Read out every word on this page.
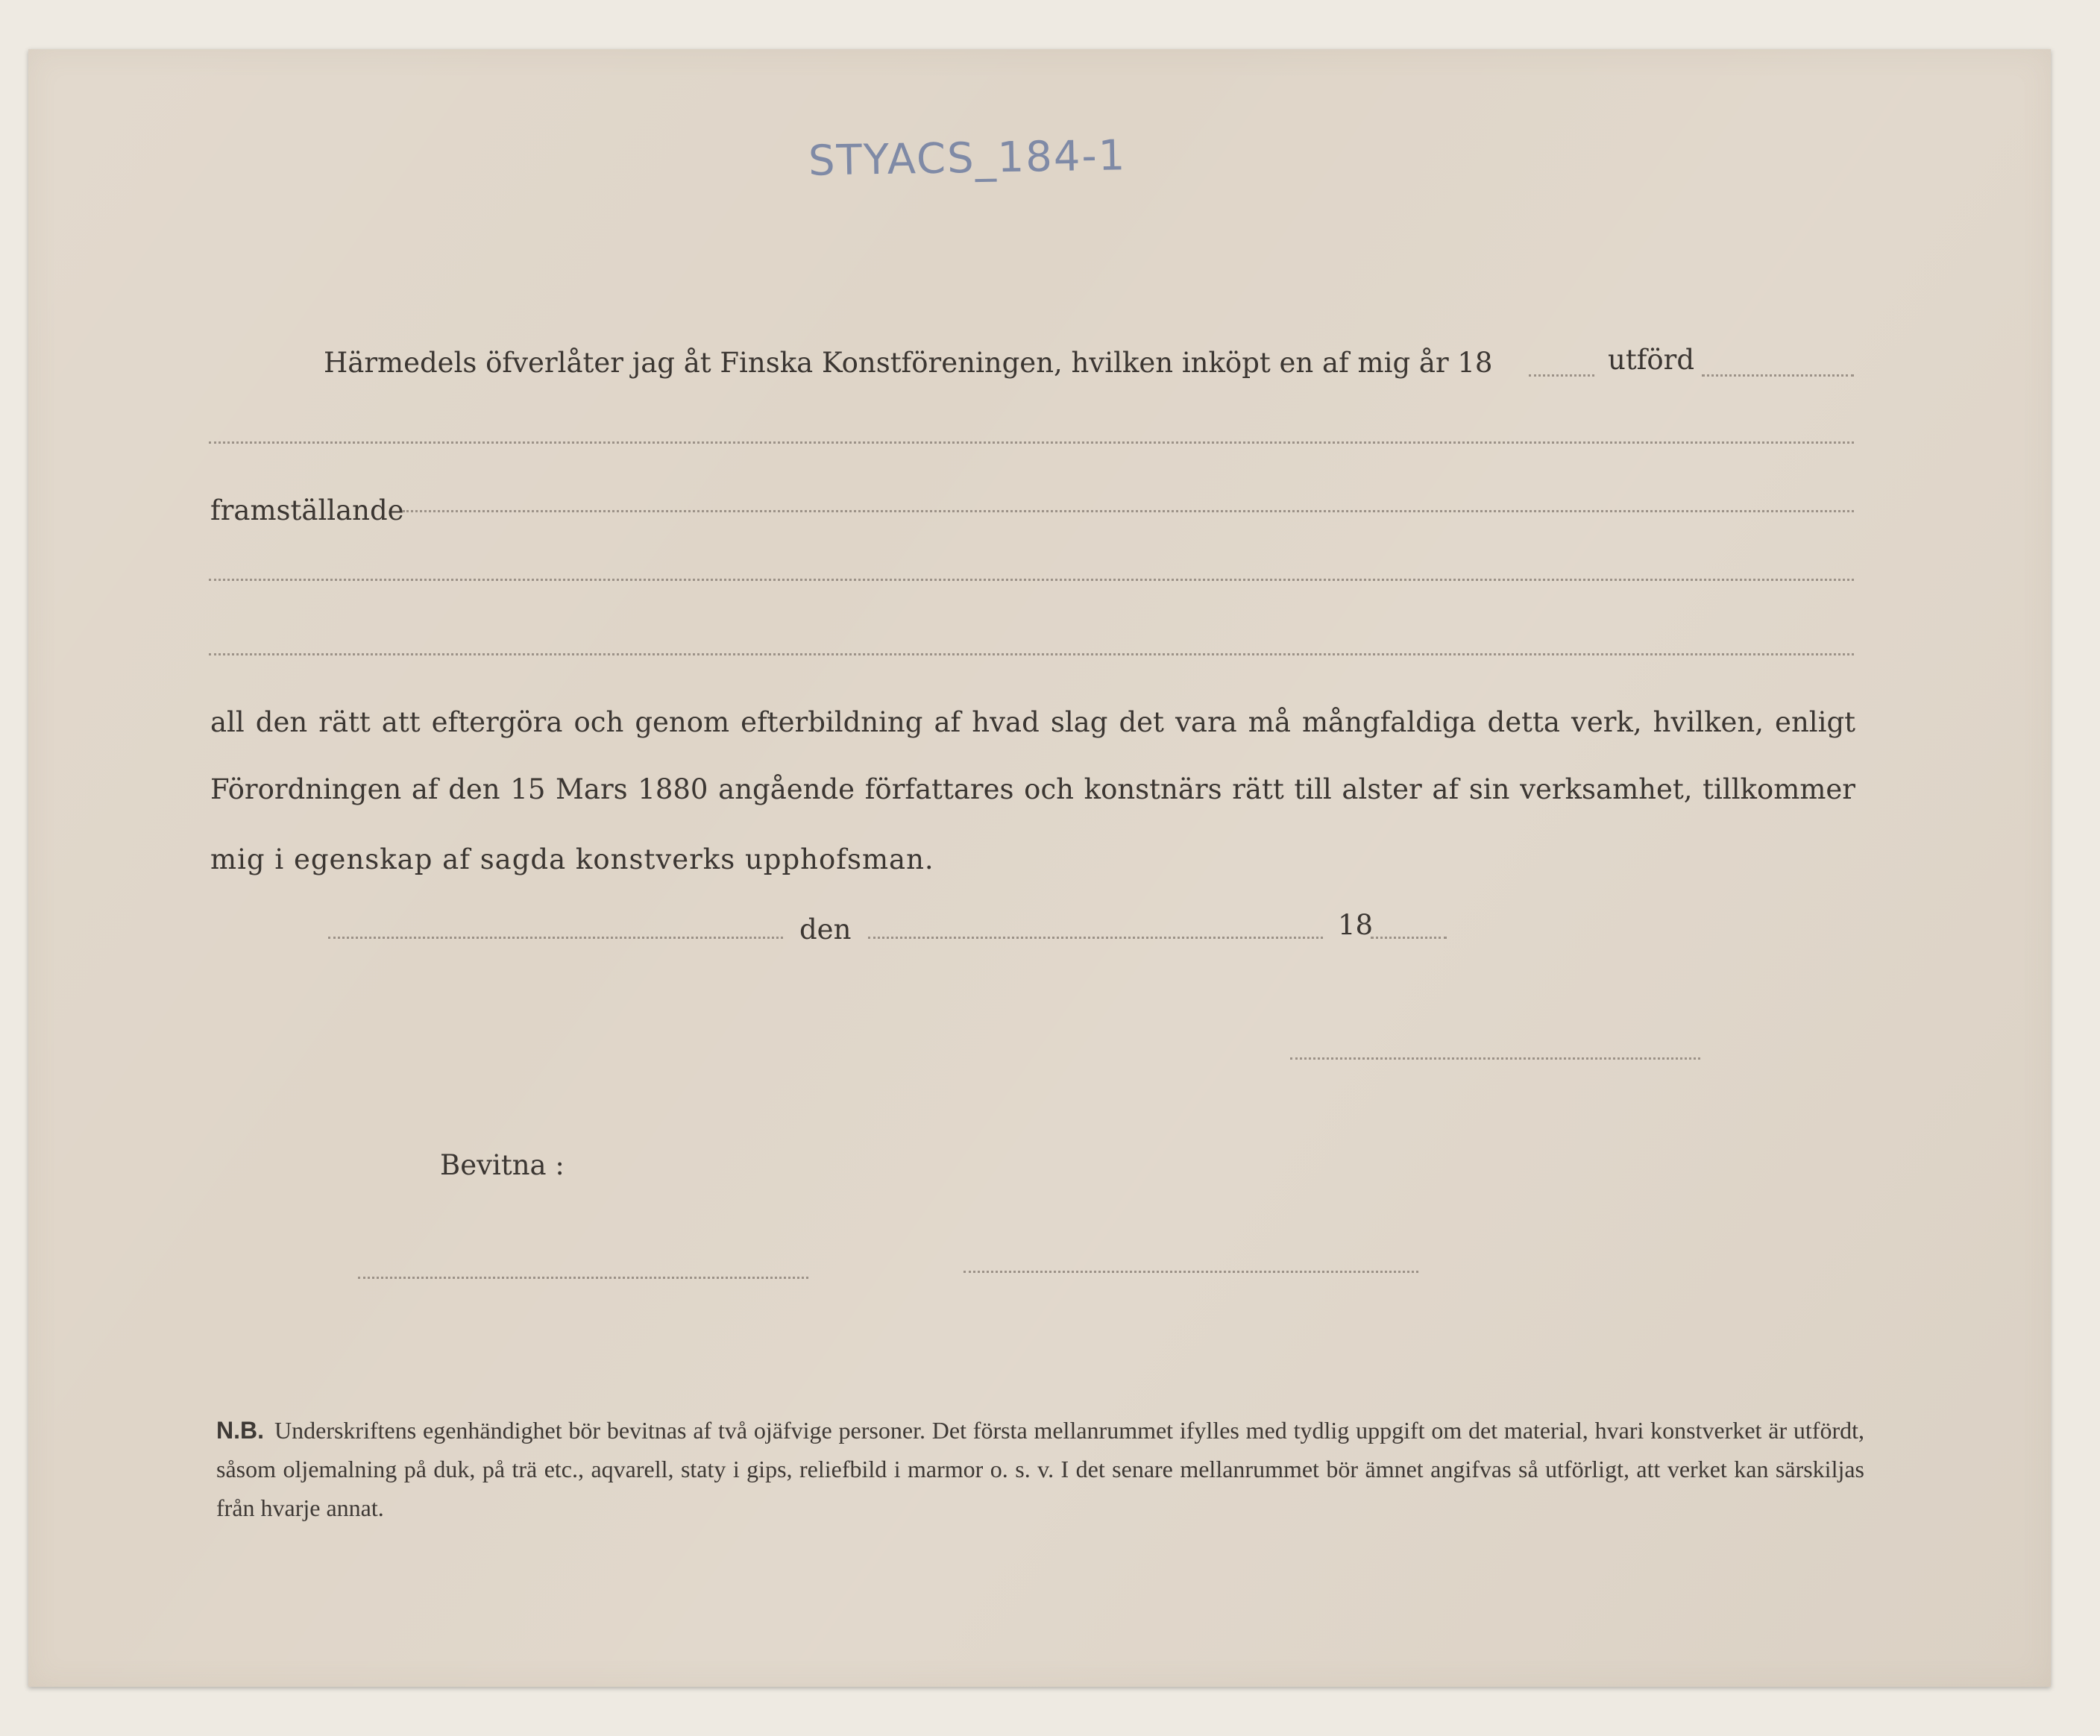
STYACS_184-1
Härmedels öfverlåter jag åt Finska Konstföreningen, hvilken inköpt en af mig år 18	utförd
framställande
all den rätt att eftergöra och genom efterbildning af hvad slag det vara må mångfaldiga detta verk, hvilken, enligt
Förordningen af den 15 Mars 1880 angående författares och konstnärs rätt till alster af sin verksamhet, tillkommer
mig i egenskap af sagda konstverks upphofsman.
den	18
Bevitna :
N.B. Underskriftens egenhändighet bör bevitnas af två ojäfvige personer. Det första mellanrummet ifylles med tydlig uppgift om det material, hvari konstverket är utfördt, såsom oljemalning på duk, på trä etc., aqvarell, staty i gips, reliefbild i marmor o. s. v. I det senare mellanrummet bör ämnet angifvas så utförligt, att verket kan särskiljas från hvarje annat.
